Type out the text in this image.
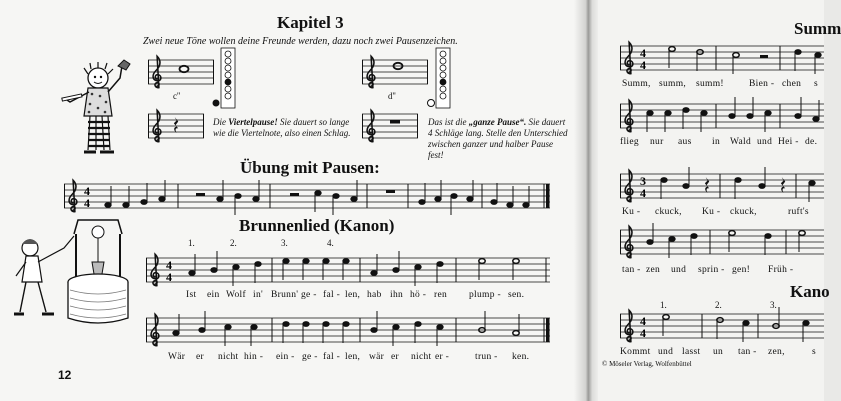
Kapitel 3
Zwei neue Töne wollen deine Freunde werden, dazu noch zwei Pausenzeichen.
c''
Die Viertelpause! Sie dauert so lange wie die Viertelnote, also einen Schlag.
d''
Das ist die „ganze Pause“. Sie dauert 4 Schläge lang. Stelle den Unterschied zwischen ganzer und halber Pause fest!
Übung mit Pausen:
4
4
Brunnenlied (Kanon)
1.	2.	3.	4.
4
4
Ist ein Wolf in' Brunn' ge - fal - len, hab ihn hö - ren plump - sen.
Wär er nicht hin - ein - ge - fal - len, wär er nicht er -	trun - ken.
12
Summ
4
4
Summ, summ, summ!	Bien - chen s
flieg nur aus in Wald und Hei - de.
3
4
Ku - ckuck, Ku - ckuck,	ruft's
tan - zen und sprin - gen! Früh -
Kano
1.	2.	3.
4
4
Kommt und lasst un tan - zen,	s
© Möseler Verlag, Wolfenbüttel
